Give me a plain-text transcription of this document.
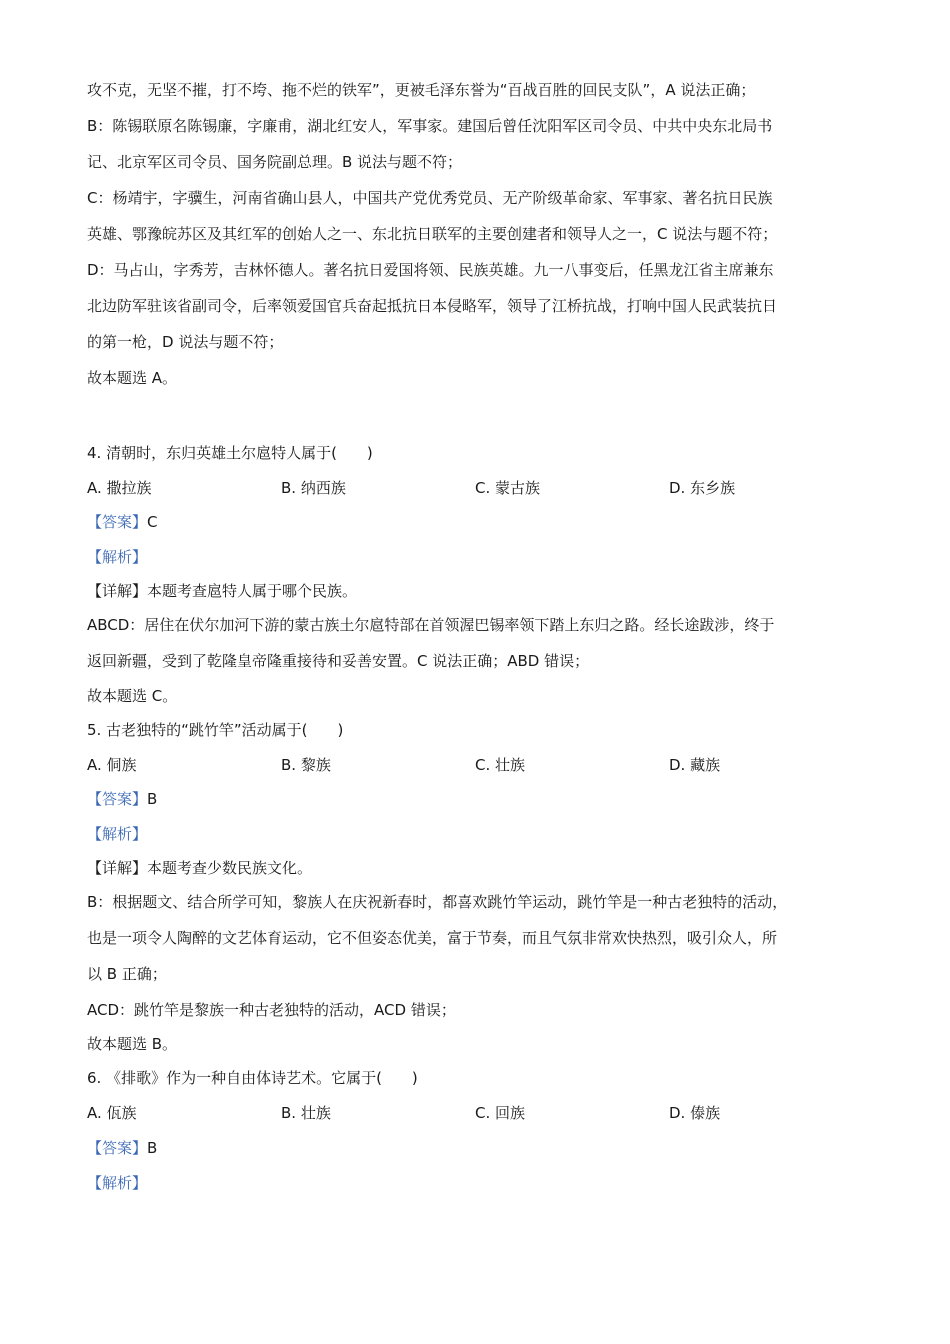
攻不克，无坚不摧，打不垮、拖不烂的铁军”，更被毛泽东誉为“百战百胜的回民支队”，A 说法正确；
B：陈锡联原名陈锡廉，字廉甫，湖北红安人，军事家。建国后曾任沈阳军区司令员、中共中央东北局书
记、北京军区司令员、国务院副总理。B 说法与题不符；
C：杨靖宇，字骥生，河南省确山县人，中国共产党优秀党员、无产阶级革命家、军事家、著名抗日民族
英雄、鄂豫皖苏区及其红军的创始人之一、东北抗日联军的主要创建者和领导人之一，C 说法与题不符；
D：马占山，字秀芳，吉林怀德人。著名抗日爱国将领、民族英雄。九一八事变后，任黑龙江省主席兼东
北边防军驻该省副司令，后率领爱国官兵奋起抵抗日本侵略军，领导了江桥抗战，打响中国人民武装抗日
的第一枪，D 说法与题不符；
故本题选 A。
4. 清朝时，东归英雄土尔扈特人属于(　　)
A. 撒拉族	B. 纳西族	C. 蒙古族	D. 东乡族
【答案】C
【解析】
【详解】本题考查扈特人属于哪个民族。
ABCD：居住在伏尔加河下游的蒙古族土尔扈特部在首领渥巴锡率领下踏上东归之路。经长途跋涉，终于
返回新疆，受到了乾隆皇帝隆重接待和妥善安置。C 说法正确；ABD 错误；
故本题选 C。
5. 古老独特的“跳竹竿”活动属于(　　)
A. 侗族	B. 黎族	C. 壮族	D. 藏族
【答案】B
【解析】
【详解】本题考查少数民族文化。
B：根据题文、结合所学可知，黎族人在庆祝新春时，都喜欢跳竹竿运动，跳竹竿是一种古老独特的活动，
也是一项令人陶醉的文艺体育运动，它不但姿态优美，富于节奏，而且气氛非常欢快热烈，吸引众人，所
以 B 正确；
ACD：跳竹竿是黎族一种古老独特的活动，ACD 错误；
故本题选 B。
6. 《排歌》作为一种自由体诗艺术。它属于(　　)
A. 佤族	B. 壮族	C. 回族	D. 傣族
【答案】B
【解析】
